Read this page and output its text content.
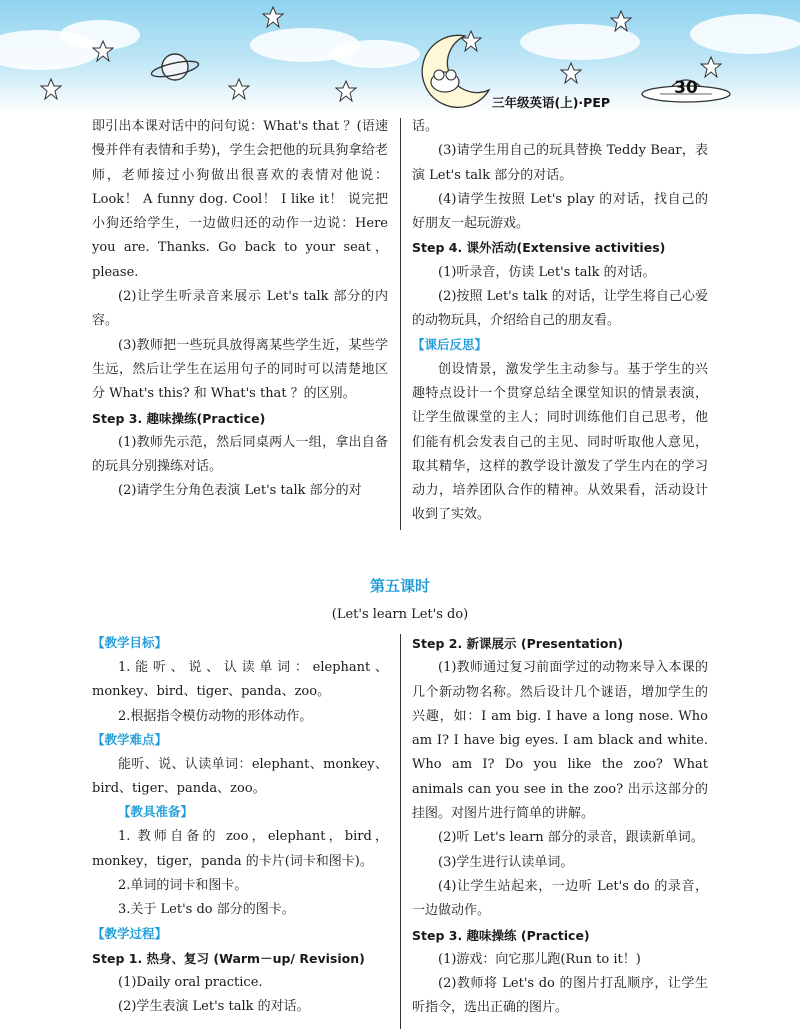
30
三年级英语(上)·PEP

即引出本课对话中的问句说：What's that ？(语速慢并伴有表情和手势)，学生会把他的玩具狗拿给老师，老师接过小狗做出很喜欢的表情对他说：Look！ A funny dog. Cool！ I like it！ 说完把小狗还给学生，一边做归还的动作一边说：Here you are. Thanks. Go back to your seat，please.

(2)让学生听录音来展示 Let's talk 部分的内容。

(3)教师把一些玩具放得离某些学生近，某些学生远，然后让学生在运用句子的同时可以清楚地区分 What's this? 和 What's that ？的区别。

Step 3. 趣味操练(Practice)

(1)教师先示范，然后同桌两人一组，拿出自备的玩具分别操练对话。

(2)请学生分角色表演 Let's talk 部分的对

话。

(3)请学生用自己的玩具替换 Teddy Bear，表演 Let's talk 部分的对话。

(4)请学生按照 Let's play 的对话，找自己的好朋友一起玩游戏。

Step 4. 课外活动(Extensive activities)

(1)听录音，仿读 Let's talk 的对话。

(2)按照 Let's talk 的对话，让学生将自己心爱的动物玩具，介绍给自己的朋友看。

【课后反思】

创设情景，激发学生主动参与。基于学生的兴趣特点设计一个贯穿总结全课堂知识的情景表演，让学生做课堂的主人；同时训练他们自己思考，他们能有机会发表自己的主见、同时听取他人意见，取其精华，这样的教学设计激发了学生内在的学习动力，培养团队合作的精神。从效果看，活动设计收到了实效。

第五课时
(Let's learn Let's do)

【教学目标】

1.能听、说、认读单词：elephant、monkey、bird、tiger、panda、zoo。

2.根据指令模仿动物的形体动作。

【教学难点】

能听、说、认读单词：elephant、monkey、bird、tiger、panda、zoo。

【教具准备】

1. 教师自备的 zoo，elephant，bird，monkey，tiger，panda 的卡片(词卡和图卡)。

2.单词的词卡和图卡。

3.关于 Let's do 部分的图卡。

【教学过程】

Step 1. 热身、复习 (Warm－up/ Revision)

(1)Daily oral practice.

(2)学生表演 Let's talk 的对话。

Step 2. 新课展示 (Presentation)

(1)教师通过复习前面学过的动物来导入本课的几个新动物名称。然后设计几个谜语，增加学生的兴趣，如：I am big. I have a long nose. Who am I? I have big eyes. I am black and white. Who am I? Do you like the zoo? What animals can you see in the zoo? 出示这部分的挂图。对图片进行简单的讲解。

(2)听 Let's learn 部分的录音，跟读新单词。

(3)学生进行认读单词。

(4)让学生站起来，一边听 Let's do 的录音，一边做动作。

Step 3. 趣味操练 (Practice)

(1)游戏：向它那儿跑(Run to it！)

(2)教师将 Let's do 的图片打乱顺序，让学生听指令，选出正确的图片。
